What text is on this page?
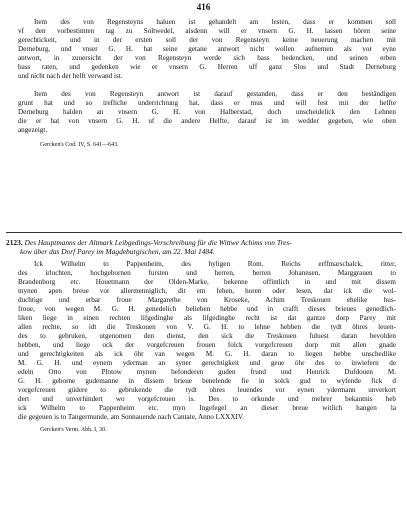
416
Item des von Regensteyns haluen ist gehandelt am lesten, dass er kommen soll
vf den vorbestimten tag zu Soltwedel, alsdenn will er vnsern G. H. lassen hören seine
gerechtickeit, und in der ersten soll der von Regensteyn keine neuerung machen mit
Derneburg, und vnser G. H. hat seine getane antwort nicht wollen aufnemen als vor eyne
antwort, in zuuersicht der von Regensteyn werde sich bass bedencken, und seinen erben
bass raten, und gedenken wie er vnsern G. Herren uff ganz Slos und Stadt Derneburg
und nicht nach der helft verwand ist.
Item des von Regensteyn antwort ist darauf gestanden, dass er den beständigen
grunt hat und so trefliche underrichtung hat, dass er mus und will fest mit der helfte
Derneburg halden an vnsern G. H. von Halberstad, doch unscheidelick den Lehnen
die er hat von vnsern G. H. uf die andere Helfte, darauf ist im wedder gegeben, wie oben
angezeigt.
Gercken's Cod. IV, S. 641—643.
2123. Des Hauptmanns der Altmark Leibgedings-Verschreibung für die Wittwe Achims von Tres-
kow über das Dorf Parey im Magdeburgischen, am 22. Mai 1484.
Ick Wilhelm to Pappenheim, des hyligen Rom. Reichs erffmarschalck, ritter,
des irluchten, hochgebornen fursten und herren, herren Johannsen, Marggrauen to
Brandenborg etc. Houetmann der Olden-Marke, bekenne offintlich in und mit dissem
mynen apen breue vor allermenniglich, dit em fehen, horen oder lesen, dat ick die wol-
duchtige und erbar froue Margarethe von Kroseke, Achim Treskouen ehelike hus-
froue, von wegen M. G. H. genedelich belieben hebbe und in crafft dieses brieues genedlich-
liken liege in einen rechten lifgedinghe als lifgedinghe recht ist dat gantze dorp Parey mit
allen rechte, so idt die Treskouen von V. G. H. to lehne hebben die tydt öhres leuen-
des to gebruken, utgenomen den dienst, den sick die Treskouen fuluest daran bevolden
hebben, und liege ock der vorgefcreuen frouen folck vorgefcreuen dorp mit allen gnade
und gerechtigkeiten als ick öhr van wegen M. G. H. daran to liegen hebbe unschedlike
M. G. H. und eynem yderman an syner gerechtigkeit und geue öhr des to inwiefern de
edeln Otto von Plotow mynen befonderen guden frund und Henrick Dufdouen M.
G. H. geborne gudemanne in dissem brieue benelende fie in solck gud to wyfende fick d
vorgefcreuen güdere to gebrukende die tydt ohres leuendes vor eynen ydermann unverkort
dert und unverhindert wo vorgefcreuen is. Des to orkunde und mehrer bekantnis heb
ick Wilhelm to Pappenheim etc. myn Ingefegel an dieser breue witlich hangen la
die gegeuen is to Tangermunde, am Sonnauende nach Cantate, Anno LXXXIV.
Gercken's Verm. Abh. I, 30.
